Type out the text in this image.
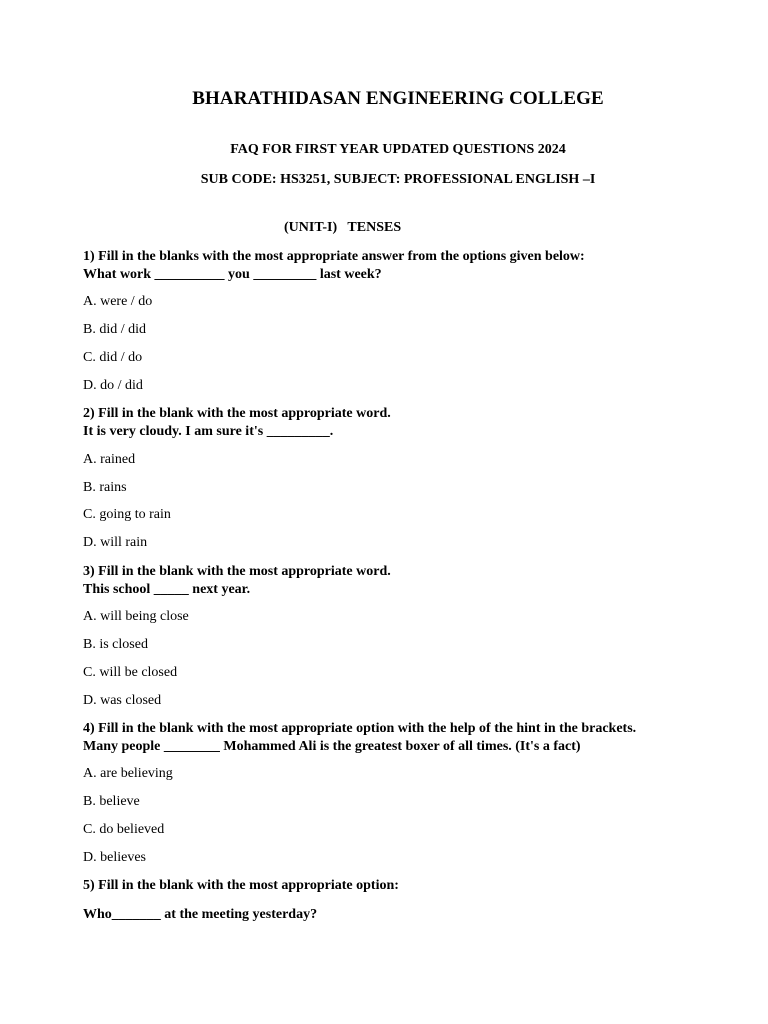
BHARATHIDASAN ENGINEERING COLLEGE
FAQ FOR FIRST YEAR UPDATED QUESTIONS 2024
SUB CODE: HS3251, SUBJECT: PROFESSIONAL ENGLISH –I
(UNIT-I)   TENSES
1) Fill in the blanks with the most appropriate answer from the options given below:
What work __________ you _________ last week?
A. were / do
B. did / did
C. did / do
D. do / did
2) Fill in the blank with the most appropriate word.
It is very cloudy. I am sure it's _________.
A. rained
B. rains
C. going to rain
D. will rain
3) Fill in the blank with the most appropriate word.
This school _____ next year.
A. will being close
B. is closed
C. will be closed
D. was closed
4) Fill in the blank with the most appropriate option with the help of the hint in the brackets.
Many people ________ Mohammed Ali is the greatest boxer of all times. (It's a fact)
A. are believing
B. believe
C. do believed
D. believes
5) Fill in the blank with the most appropriate option:
Who_______ at the meeting yesterday?
